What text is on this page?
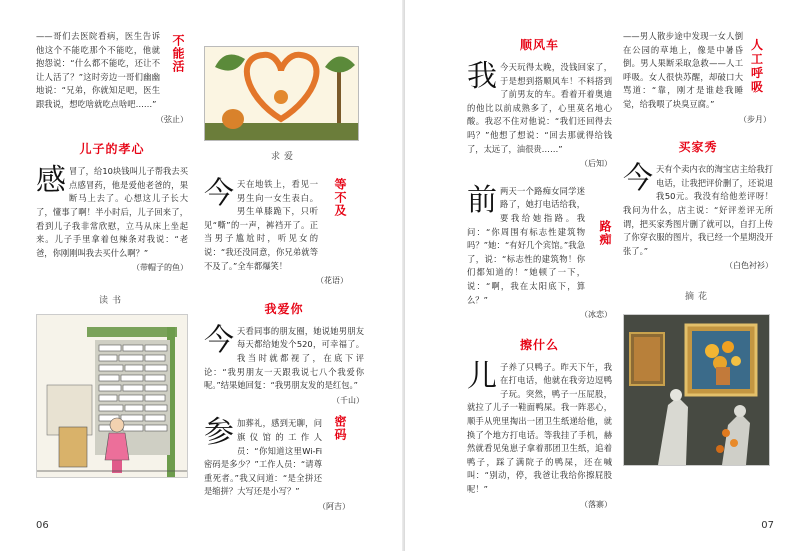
——哥们去医院看病，医生告诉他这个不能吃那个不能吃，他就抱怨说：“什么都不能吃，还让不让人活了？”这时旁边一哥们幽幽地说：“兄弟，你就知足吧，医生跟我说，想吃啥就吃点啥吧……”

（弦止）
不能活
儿子的孝心

感冒了，给10块钱叫儿子帮我去买点感冒药，他是爱他老爸的，果断马上去了。心想这儿子长大了，懂事了啊！半小时后，儿子回来了，看到儿子我非常欣慰，立马从床上坐起来。儿子手里拿着包辣条对我说：“老爸，你刚刚叫我去买什么啊？”

（带帽子的鱼）
读书
求爱

今天在地铁上，看见一男生向一女生表白。男生单膝跪下，只听见“嘶”的一声，裤裆开了。正当男子尴尬时，听见女的说：“我还没同意，你兄弟就等不及了。”全车都爆笑！

（花语）
等不及
我爱你

今天看同事的朋友圈，她说她男朋友每天都给她发个520，可幸福了。我当时就都视了，在底下评论：“我男朋友一天跟我说七八个我爱你呢。”结果她回复：“我男朋友发的是红包。”

（千山）

参加葬礼，感到无聊，问旗仪馆的工作人员：“你知道这里Wi-Fi密码是多少？”工作人员：“请尊重死者。”我又问道：“是全拼还是缩拼？大写还是小写？”

（阿吉）
密码
06
顺风车

我今天玩得太晚，没钱回家了，于是想到搭顺风车！不料搭到了前男友的车。看着开着奥迪的他比以前成熟多了，心里莫名地心酸。我忍不住对他说：“我们还回得去吗？”他想了想说：“回去那就得给钱了，太远了，油很贵……”

（后知）

前两天一个路痴女同学迷路了，她打电话给我，要我给她指路。我问：“你周围有标志性建筑物吗？”她：“有好几个宾馆。”我急了，说：“标志性的建筑物！你们都知道的！”她顿了一下，说：“啊，我在太阳底下，算么？”

（冰恋）
路痴
擦什么

儿子养了只鸭子。昨天下午，我在打电话，他就在我旁边逗鸭子玩。突然，鸭子一压屁股，就拉了儿子一鞋面鸭屎。我一阵恶心，顺手从兜里掏出一团卫生纸递给他，就换了个地方打电话。等我挂了手机，赫然就看见兔崽子拿着那团卫生纸，追着鸭子，踩了满院子的鸭屎，还在喊叫：“别动，停，我爸让我给你擦屁股呢！”

（落寨）

——男人散步途中发现一女人倒在公园的草地上，像是中暑昏倒。男人果断采取急救——人工呼吸。女人很快苏醒，却破口大骂道：“靠，刚才是谁趁我睡觉，给我喂了块臭豆腐。”

（步月）
人工呼吸
买家秀

今天有个卖内衣的淘宝店主给我打电话，让我把评价删了，还说退我50元。我没有给他差评呀！我问为什么，店主说：“好评差评无所谓，把买家秀图片删了就可以，自打上传了你穿衣服的图片，我已经一个星期没开张了。”

（白色衬衫）
摘花
07
